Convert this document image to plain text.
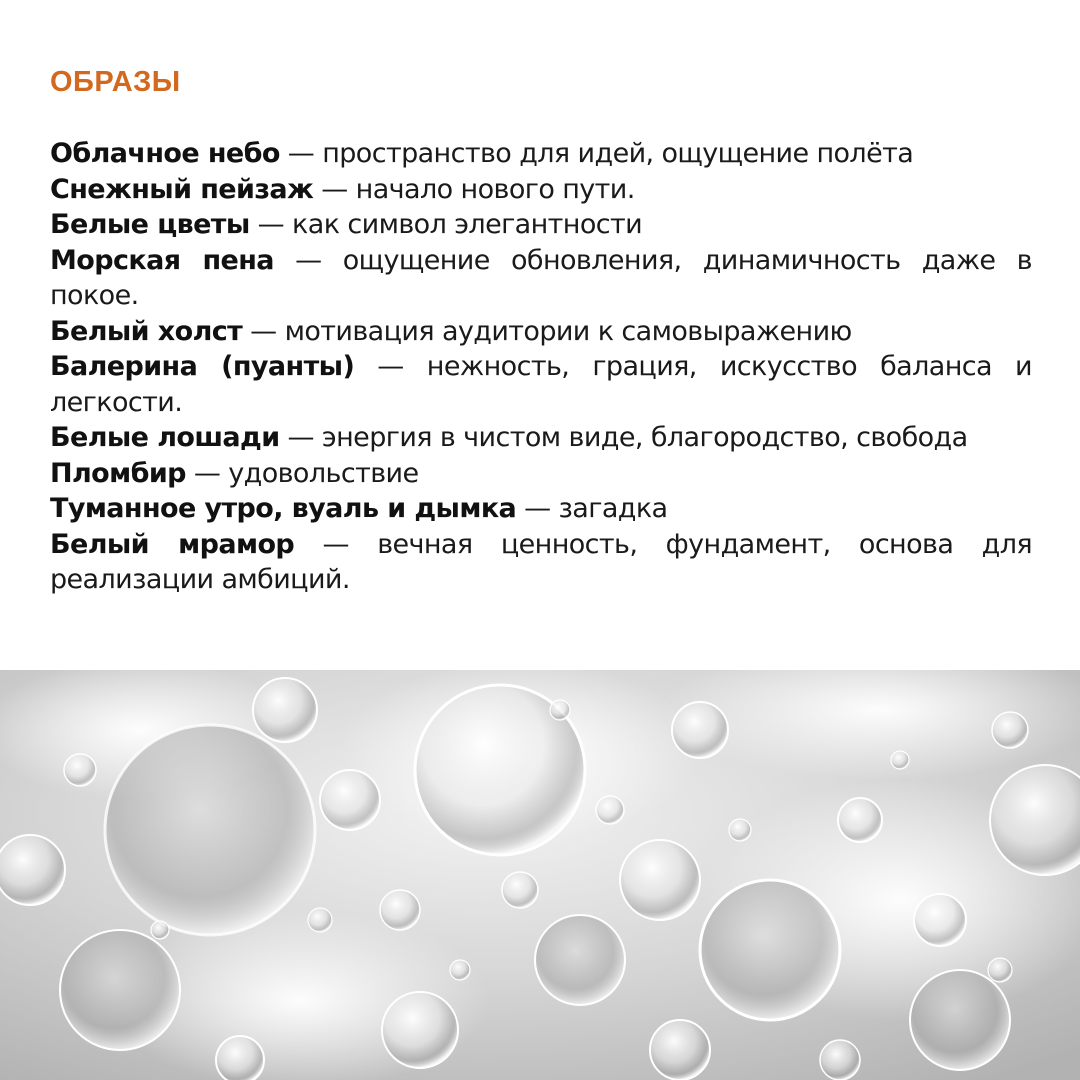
ОБРАЗЫ
Облачное небо — пространство для идей, ощущение полёта
Снежный пейзаж — начало нового пути.
Белые цветы — как символ элегантности
Морская пена — ощущение обновления, динамичность даже в покое.
Белый холст — мотивация аудитории к самовыражению
Балерина (пуанты) — нежность, грация, искусство баланса и легкости.
Белые лошади — энергия в чистом виде, благородство, свобода
Пломбир — удовольствие
Туманное утро, вуаль и дымка — загадка
Белый мрамор — вечная ценность, фундамент, основа для реализации амбиций.
